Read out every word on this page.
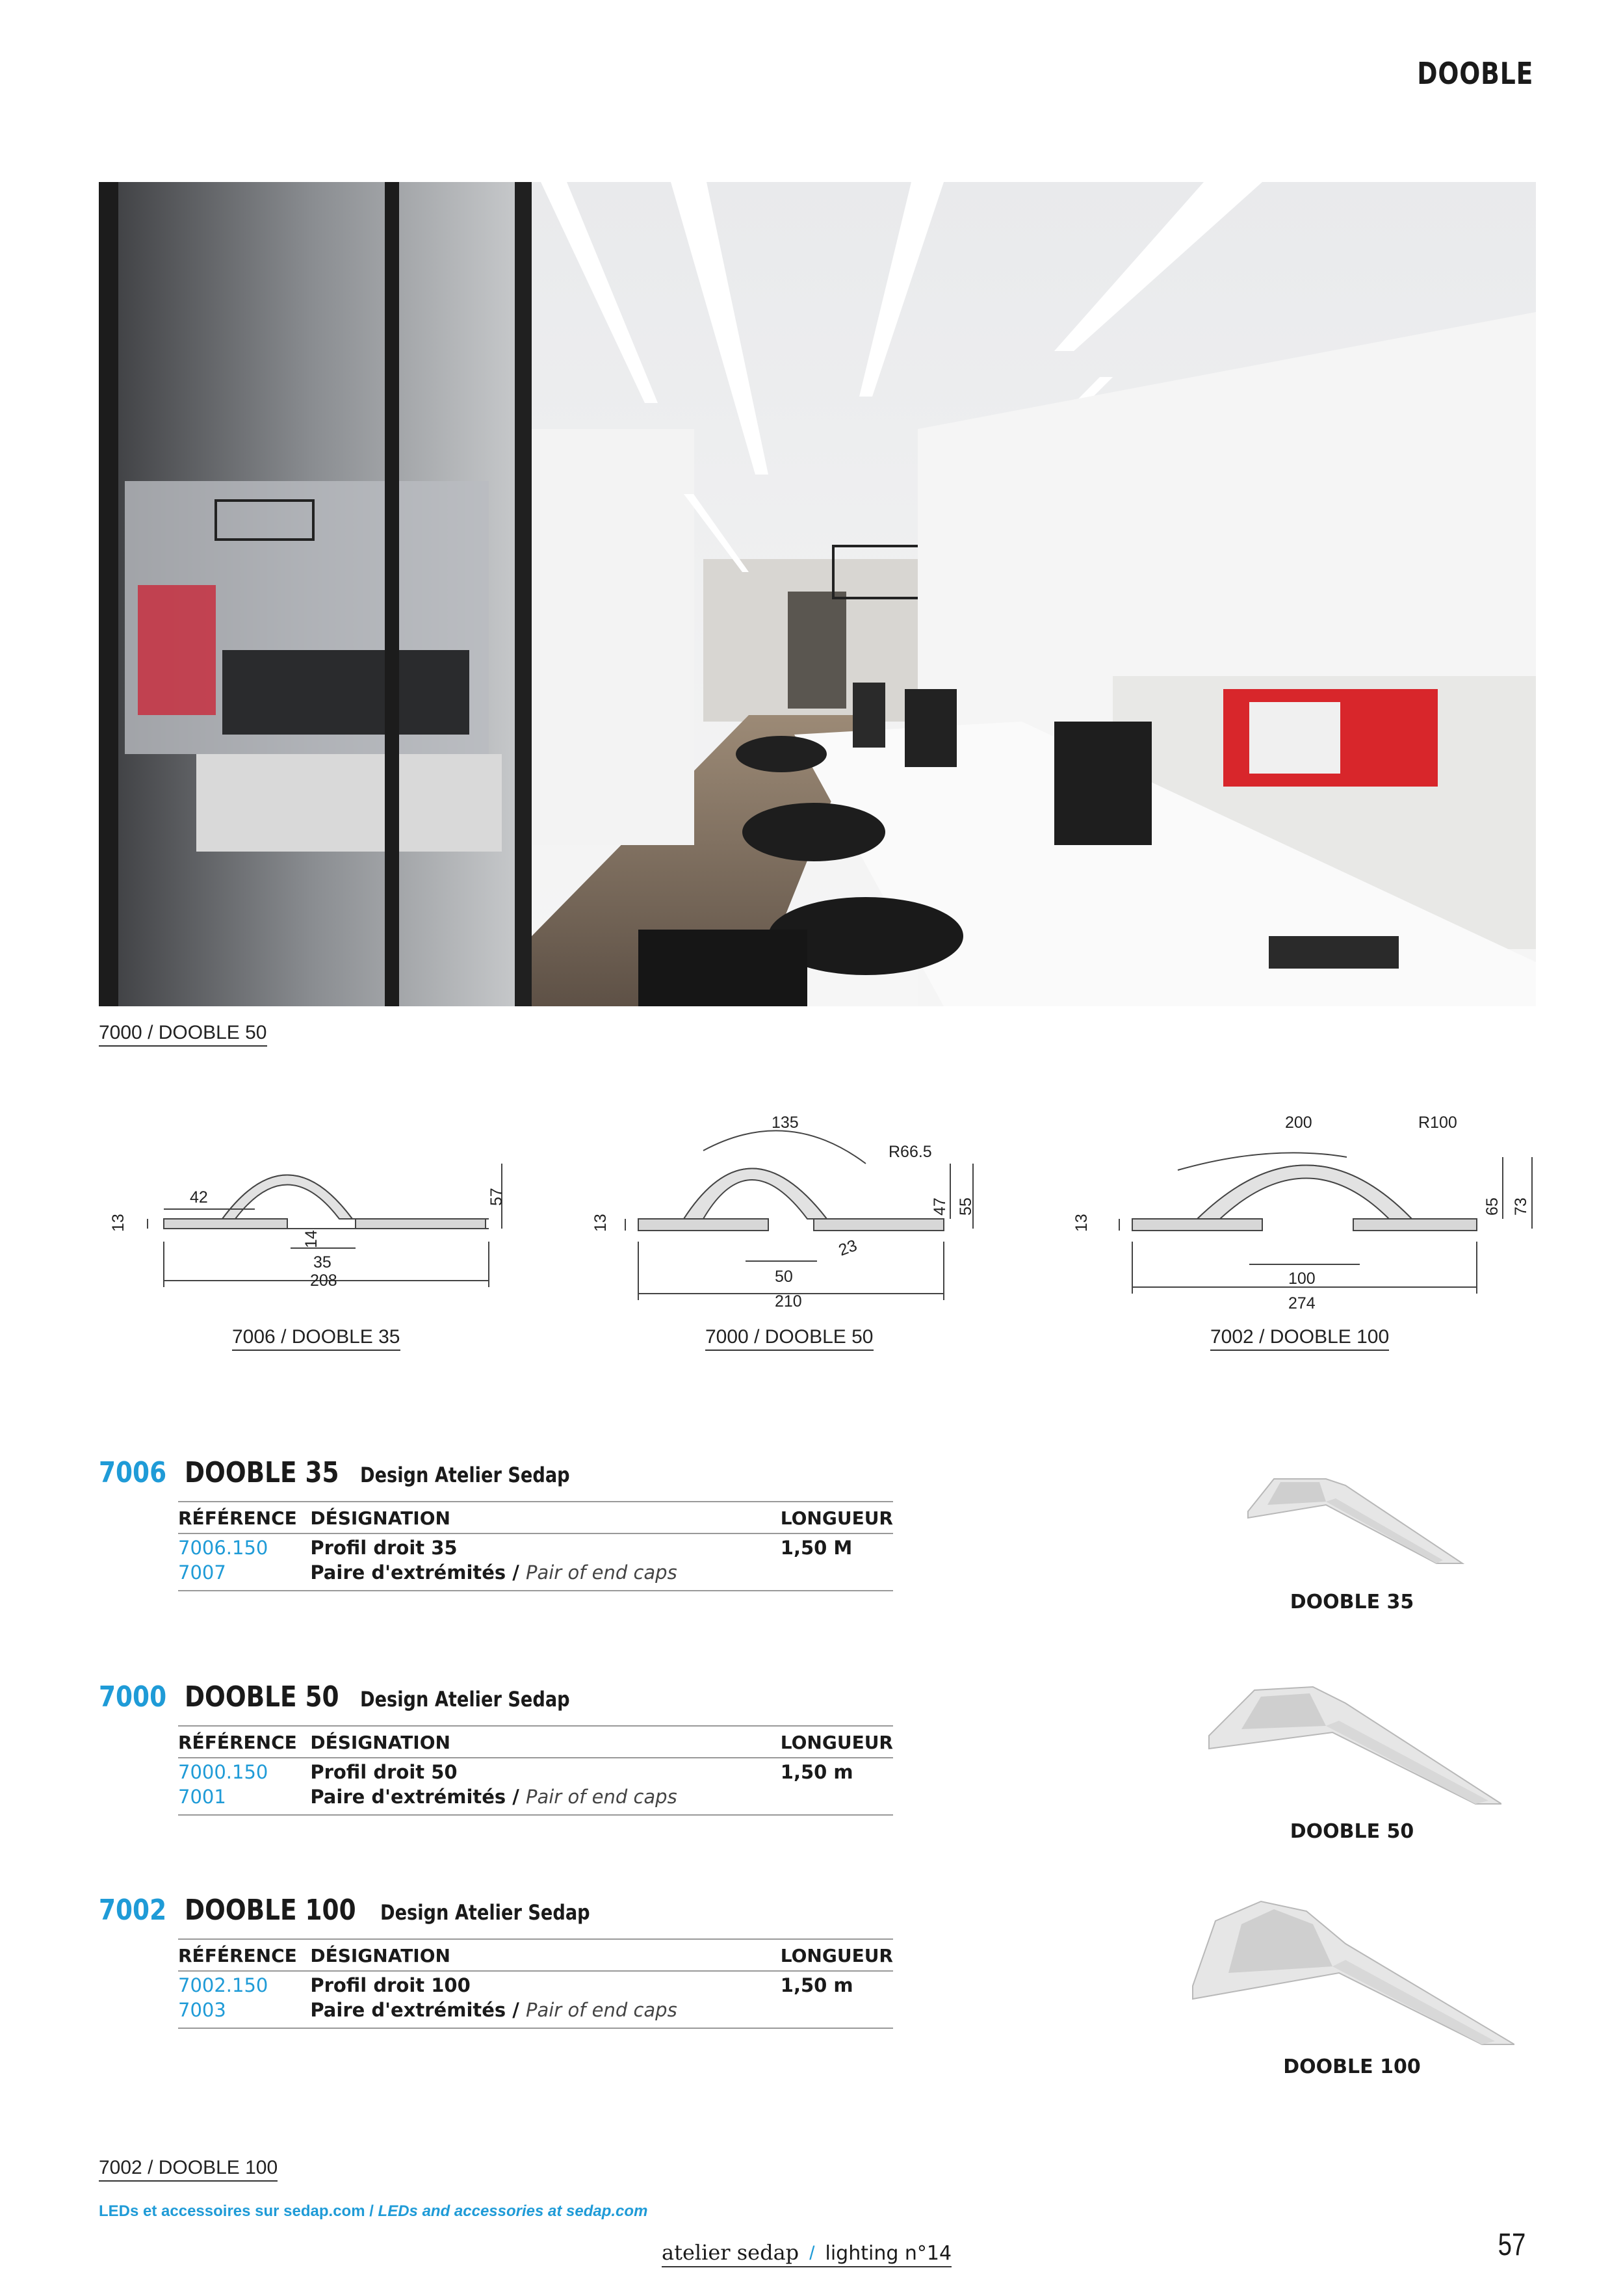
DOOBLE
7000 / DOOBLE 50
42	57
13
14
35
208
135
R66.5
47 55
13
23
50
210
200	R100
65 73
13
100
274
7006 / DOOBLE 35	7000 / DOOBLE 50	7002 / DOOBLE 100
7006 DOOBLE 35 Design Atelier Sedap
RÉFÉRENCE	DÉSIGNATION	LONGUEUR
7006.150	Profil droit 35	1,50 M
7007	Paire d'extrémités / Pair of end caps	
7000 DOOBLE 50 Design Atelier Sedap
RÉFÉRENCE	DÉSIGNATION	LONGUEUR
7000.150	Profil droit 50	1,50 m
7001	Paire d'extrémités / Pair of end caps	
7002 DOOBLE 100 Design Atelier Sedap
RÉFÉRENCE	DÉSIGNATION	LONGUEUR
7002.150	Profil droit 100	1,50 m
7003	Paire d'extrémités / Pair of end caps	
DOOBLE 35
DOOBLE 50
DOOBLE 100
7002 / DOOBLE 100
LEDs et accessoires sur sedap.com / LEDs and accessories at sedap.com
atelier sedap / lighting n°14	57
